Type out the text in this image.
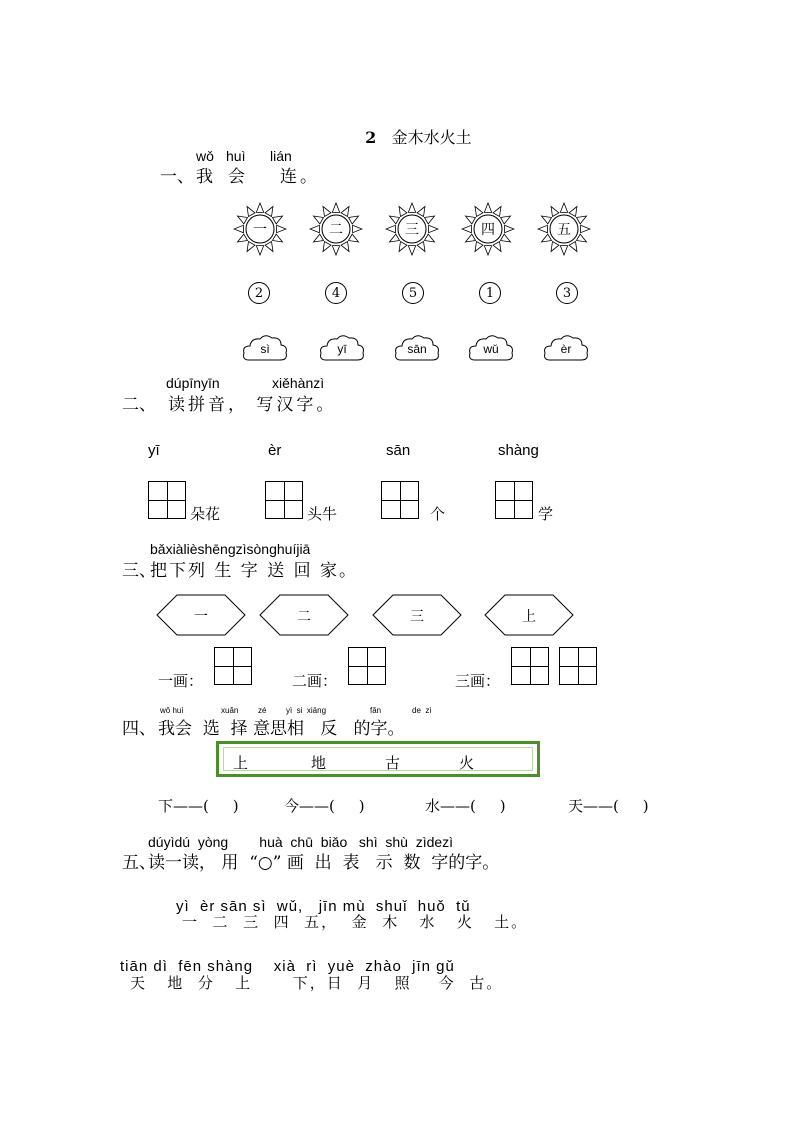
2 金木水火土

wǒ huì lián
一、 我 会 连 。
一	二	三	四	五
2	4	5	1	3
sì	yī	sān	wǔ	èr
dúpīnyīn	xiěhànzì
二、 读拼音， 写汉字。
yī	èr	sān	shàng
朵花	头牛	个	学
bǎxiàlièshēngzìsònghuíjiā
三、
把下列 生 字 送 回 家。
一	二	三	上
一画：	二画：	三画：
wǒ huì	xuǎn zé yì  si  xiāng	fǎn	de  zì
四、 我会  选  择 意思相   反   的字。
上	地	古	火
下——(     )	今——(     )	水——(     )	天——(     )
dúyìdú  yòng        huà  chū  biǎo   shì  shù  zìdezì
五、
读一读， 用  “○” 画  出  表   示  数  字的字。
yì  èr sān sì  wǔ,   jīn mù  shuǐ  huǒ  tǔ
一  二  三  四  五，  金  木   水   火   土。
tiān dì  fēn shàng    xià  rì  yuè  zhào  jīn gǔ
天   地  分   上      下，日  月   照    今  古。
